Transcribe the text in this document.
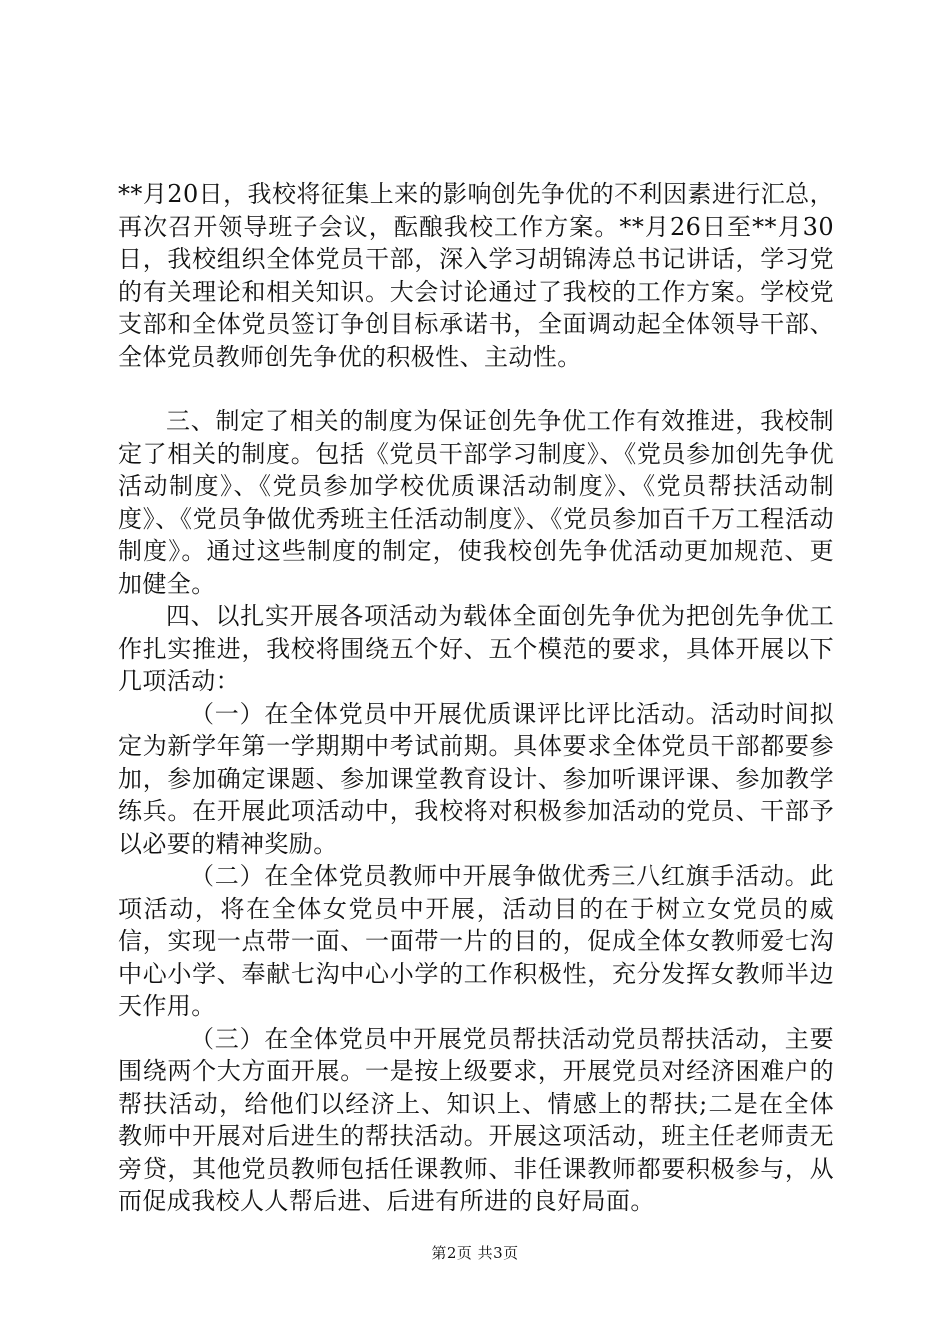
**月20日，我校将征集上来的影响创先争优的不利因素进行汇总，再次召开领导班子会议，酝酿我校工作方案。**月26日至**月30日，我校组织全体党员干部，深入学习胡锦涛总书记讲话，学习党的有关理论和相关知识。大会讨论通过了我校的工作方案。学校党支部和全体党员签订争创目标承诺书，全面调动起全体领导干部、全体党员教师创先争优的积极性、主动性。

三、制定了相关的制度为保证创先争优工作有效推进，我校制定了相关的制度。包括《党员干部学习制度》、《党员参加创先争优活动制度》、《党员参加学校优质课活动制度》、《党员帮扶活动制度》、《党员争做优秀班主任活动制度》、《党员参加百千万工程活动制度》。通过这些制度的制定，使我校创先争优活动更加规范、更加健全。

四、以扎实开展各项活动为载体全面创先争优为把创先争优工作扎实推进，我校将围绕五个好、五个模范的要求，具体开展以下几项活动：

（一）在全体党员中开展优质课评比评比活动。活动时间拟定为新学年第一学期期中考试前期。具体要求全体党员干部都要参加，参加确定课题、参加课堂教育设计、参加听课评课、参加教学练兵。在开展此项活动中，我校将对积极参加活动的党员、干部予以必要的精神奖励。

（二）在全体党员教师中开展争做优秀三八红旗手活动。此项活动，将在全体女党员中开展，活动目的在于树立女党员的威信，实现一点带一面、一面带一片的目的，促成全体女教师爱七沟中心小学、奉献七沟中心小学的工作积极性，充分发挥女教师半边天作用。

（三）在全体党员中开展党员帮扶活动党员帮扶活动，主要围绕两个大方面开展。一是按上级要求，开展党员对经济困难户的帮扶活动，给他们以经济上、知识上、情感上的帮扶;二是在全体教师中开展对后进生的帮扶活动。开展这项活动，班主任老师责无旁贷，其他党员教师包括任课教师、非任课教师都要积极参与，从而促成我校人人帮后进、后进有所进的良好局面。

第2页 共3页
